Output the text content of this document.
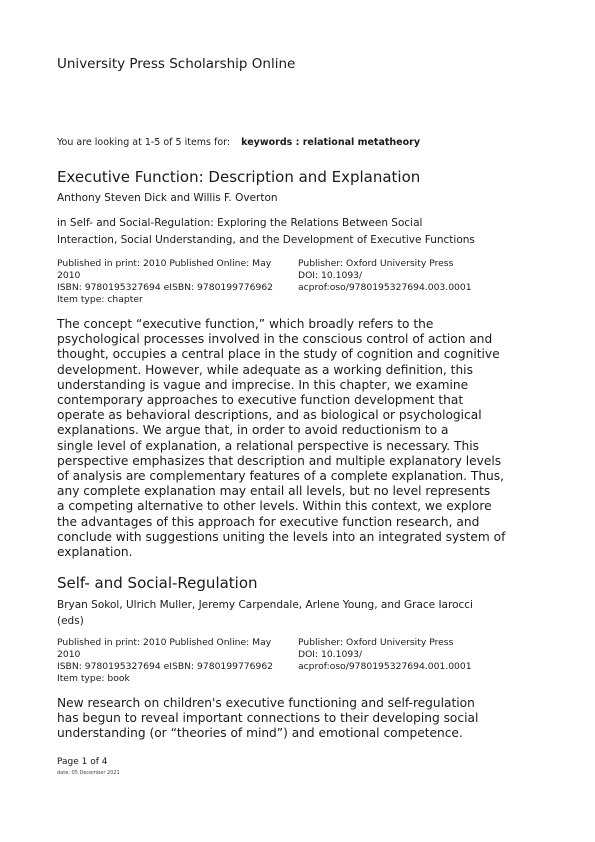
University Press Scholarship Online
You are looking at 1-5 of 5 items for: keywords : relational metatheory
Executive Function: Description and Explanation
Anthony Steven Dick and Willis F. Overton
in Self- and Social-Regulation: Exploring the Relations Between Social
Interaction, Social Understanding, and the Development of Executive Functions
Published in print: 2010 Published Online: May
2010
ISBN: 9780195327694 eISBN: 9780199776962
Item type: chapter
Publisher: Oxford University Press
DOI: 10.1093/
acprof:oso/9780195327694.003.0001
The concept “executive function,” which broadly refers to the
psychological processes involved in the conscious control of action and
thought, occupies a central place in the study of cognition and cognitive
development. However, while adequate as a working definition, this
understanding is vague and imprecise. In this chapter, we examine
contemporary approaches to executive function development that
operate as behavioral descriptions, and as biological or psychological
explanations. We argue that, in order to avoid reductionism to a
single level of explanation, a relational perspective is necessary. This
perspective emphasizes that description and multiple explanatory levels
of analysis are complementary features of a complete explanation. Thus,
any complete explanation may entail all levels, but no level represents
a competing alternative to other levels. Within this context, we explore
the advantages of this approach for executive function research, and
conclude with suggestions uniting the levels into an integrated system of
explanation.
Self- and Social-Regulation
Bryan Sokol, Ulrich Muller, Jeremy Carpendale, Arlene Young, and Grace Iarocci
(eds)
Published in print: 2010 Published Online: May
2010
ISBN: 9780195327694 eISBN: 9780199776962
Item type: book
Publisher: Oxford University Press
DOI: 10.1093/
acprof:oso/9780195327694.001.0001
New research on children's executive functioning and self-regulation
has begun to reveal important connections to their developing social
understanding (or “theories of mind”) and emotional competence.
Page 1 of 4
date: 05 December 2021
